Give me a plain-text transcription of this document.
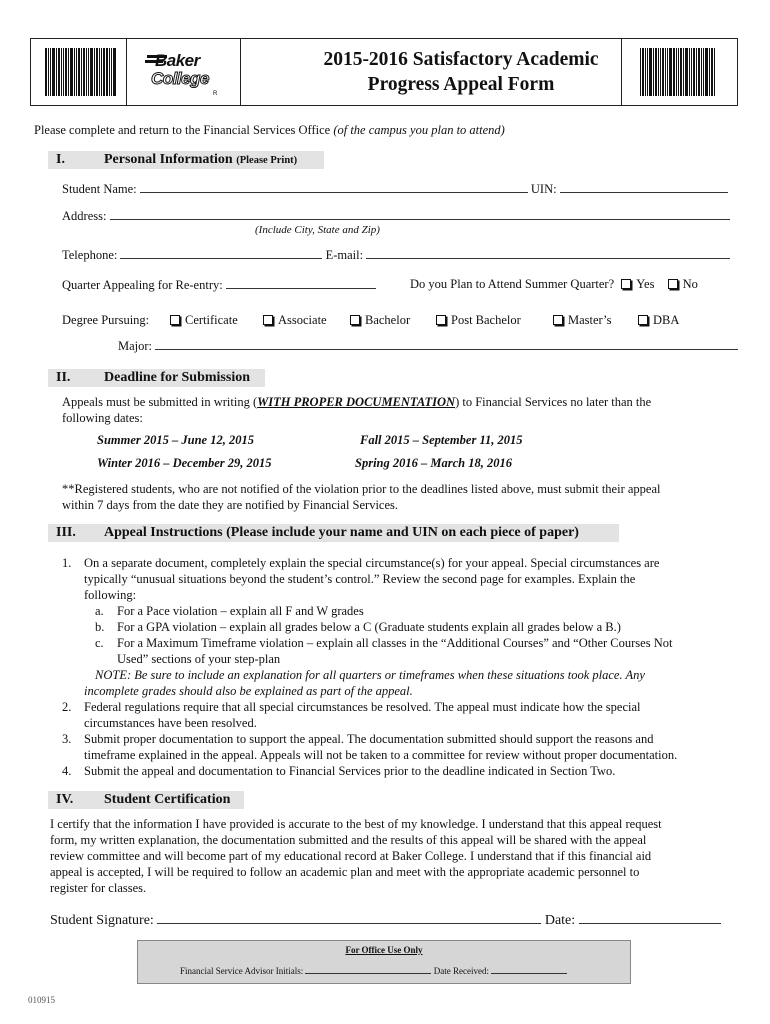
Baker
College
R
2015-2016 Satisfactory Academic
Progress Appeal Form
Please complete and return to the Financial Services Office (of the campus you plan to attend)
I.	Personal Information (Please Print)
Student Name:	UIN:
Address:
(Include City, State and Zip)
Telephone:	E-mail:
Quarter Appealing for Re-entry:	Do you Plan to Attend Summer Quarter? Yes No
Degree Pursuing:	Certificate	Associate	Bachelor	Post Bachelor	Master’s	DBA
Major:
II. Deadline for Submission
Appeals must be submitted in writing (WITH PROPER DOCUMENTATION) to Financial Services no later than the
following dates:
Summer 2015 – June 12, 2015	Fall 2015 – September 11, 2015
Winter 2016 – December 29, 2015	Spring 2016 – March 18, 2016
**Registered students, who are not notified of the violation prior to the deadlines listed above, must submit their appeal
within 7 days from the date they are notified by Financial Services.
III. Appeal Instructions (Please include your name and UIN on each piece of paper)
1. On a separate document, completely explain the special circumstance(s) for your appeal. Special circumstances are
typically “unusual situations beyond the student’s control.” Review the second page for examples. Explain the
following:
a. For a Pace violation – explain all F and W grades
b. For a GPA violation – explain all grades below a C (Graduate students explain all grades below a B.)
c. For a Maximum Timeframe violation – explain all classes in the “Additional Courses” and “Other Courses Not
Used” sections of your step-plan
NOTE: Be sure to include an explanation for all quarters or timeframes when these situations took place. Any
incomplete grades should also be explained as part of the appeal.
2. Federal regulations require that all special circumstances be resolved. The appeal must indicate how the special
circumstances have been resolved.
3. Submit proper documentation to support the appeal. The documentation submitted should support the reasons and
timeframe explained in the appeal. Appeals will not be taken to a committee for review without proper documentation.
4. Submit the appeal and documentation to Financial Services prior to the deadline indicated in Section Two.
IV. Student Certification
I certify that the information I have provided is accurate to the best of my knowledge. I understand that this appeal request
form, my written explanation, the documentation submitted and the results of this appeal will be shared with the appeal
review committee and will become part of my educational record at Baker College. I understand that if this financial aid
appeal is accepted, I will be required to follow an academic plan and meet with the appropriate academic personnel to
register for classes.
Student Signature:	Date:
For Office Use Only
Financial Service Advisor Initials:	Date Received:
010915
